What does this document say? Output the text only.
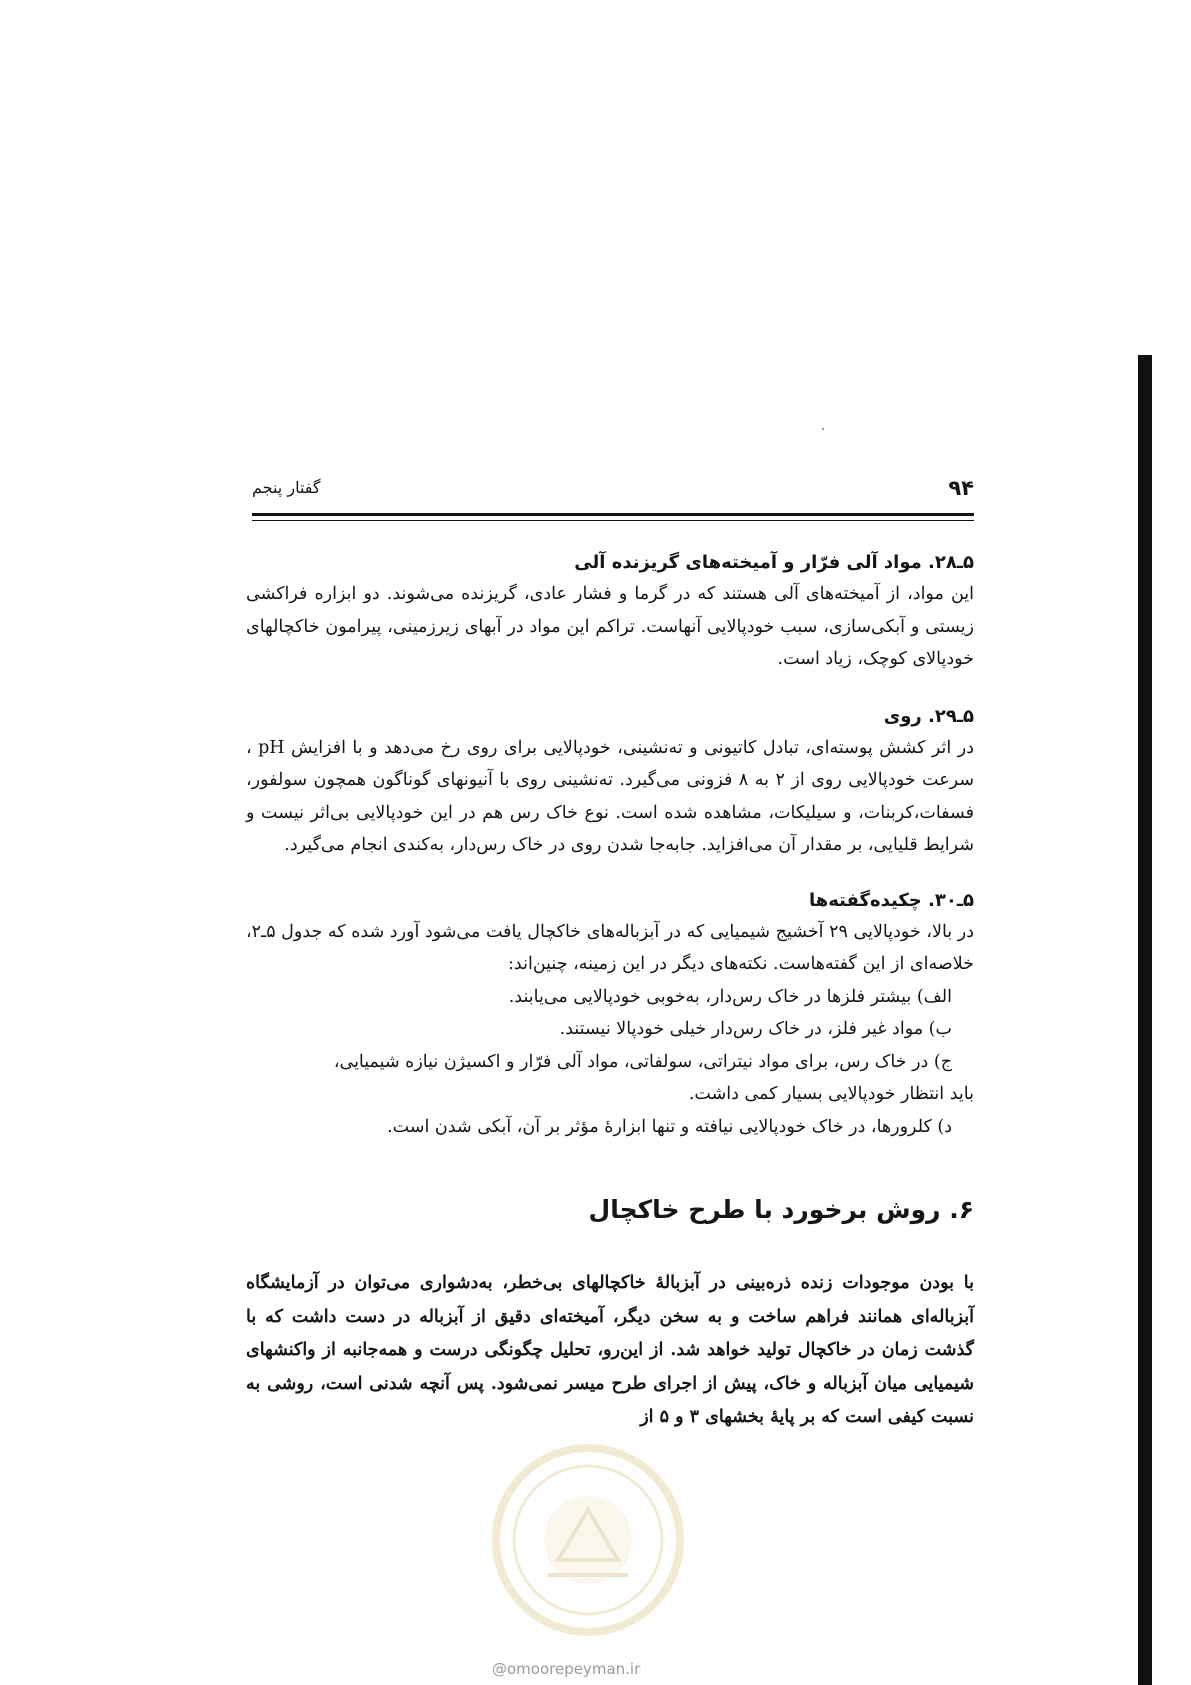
۹۴
گفتار پنجم
۵ـ۲۸. مواد آلی فرّار و آمیخته‌های گریزنده آلی

این مواد، از آمیخته‌های آلی هستند که در گرما و فشار عادی، گریزنده می‌شوند. دو ابزاره فراکشی زیستی و آبکی‌سازی، سبب خودپالایی آنهاست. تراکم این مواد در آبهای زیرزمینی، پیرامون خاکچالهای خودپالای کوچک، زیاد است.

۵ـ۲۹. روی

در اثر کشش پوسته‌ای، تبادل کاتیونی و ته‌نشینی، خودپالایی برای روی رخ می‌دهد و با افزایش pH ، سرعت خودپالایی روی از ۲ به ۸ فزونی می‌گیرد. ته‌نشینی روی با آنیونهای گوناگون همچون سولفور، فسفات،کربنات، و سیلیکات، مشاهده شده است. نوع خاک رس هم در این خودپالایی بی‌اثر نیست و شرایط قلیایی، بر مقدار آن می‌افزاید. جابه‌جا شدن روی در خاک رس‌دار، به‌کندی انجام می‌گیرد.

۵ـ۳۰. چکیده‌گفته‌ها

در بالا، خودپالایی ۲۹ آخشیج شیمیایی که در آبزباله‌های خاکچال یافت می‌شود آورد شده که جدول ۵ـ۲، خلاصه‌ای از این گفته‌هاست. نکته‌های دیگر در این زمینه، چنین‌اند:

الف) بیشتر فلزها در خاک رس‌دار، به‌خوبی خودپالایی می‌یابند.
ب) مواد غیر فلز، در خاک رس‌دار خیلی خودپالا نیستند.
ج) در خاک رس، برای مواد نیتراتی، سولفاتی، مواد آلی فرّار و اکسیژن نیازه شیمیایی،
باید انتظار خودپالایی بسیار کمی داشت.
د) کلرورها، در خاک خودپالایی نیافته و تنها ابزارهٔ مؤثر بر آن، آبکی شدن است.
۶. روش برخورد با طرح خاکچال

با بودن موجودات زنده ذره‌بینی در آبزبالهٔ خاکچالهای بی‌خطر، به‌دشواری می‌توان در آزمایشگاه آبزباله‌ای همانند فراهم ساخت و به سخن دیگر، آمیخته‌ای دقیق از آبزباله در دست داشت که با گذشت زمان در خاکچال تولید خواهد شد. از این‌رو، تحلیل چگونگی درست و همه‌جانبه از واکنشهای شیمیایی میان آبزباله و خاک، پیش از اجرای طرح میسر نمی‌شود. پس آنچه شدنی است، روشی به نسبت کیفی است که بر پایهٔ بخشهای ۳ و ۵ از

@omoorepeyman.ir
